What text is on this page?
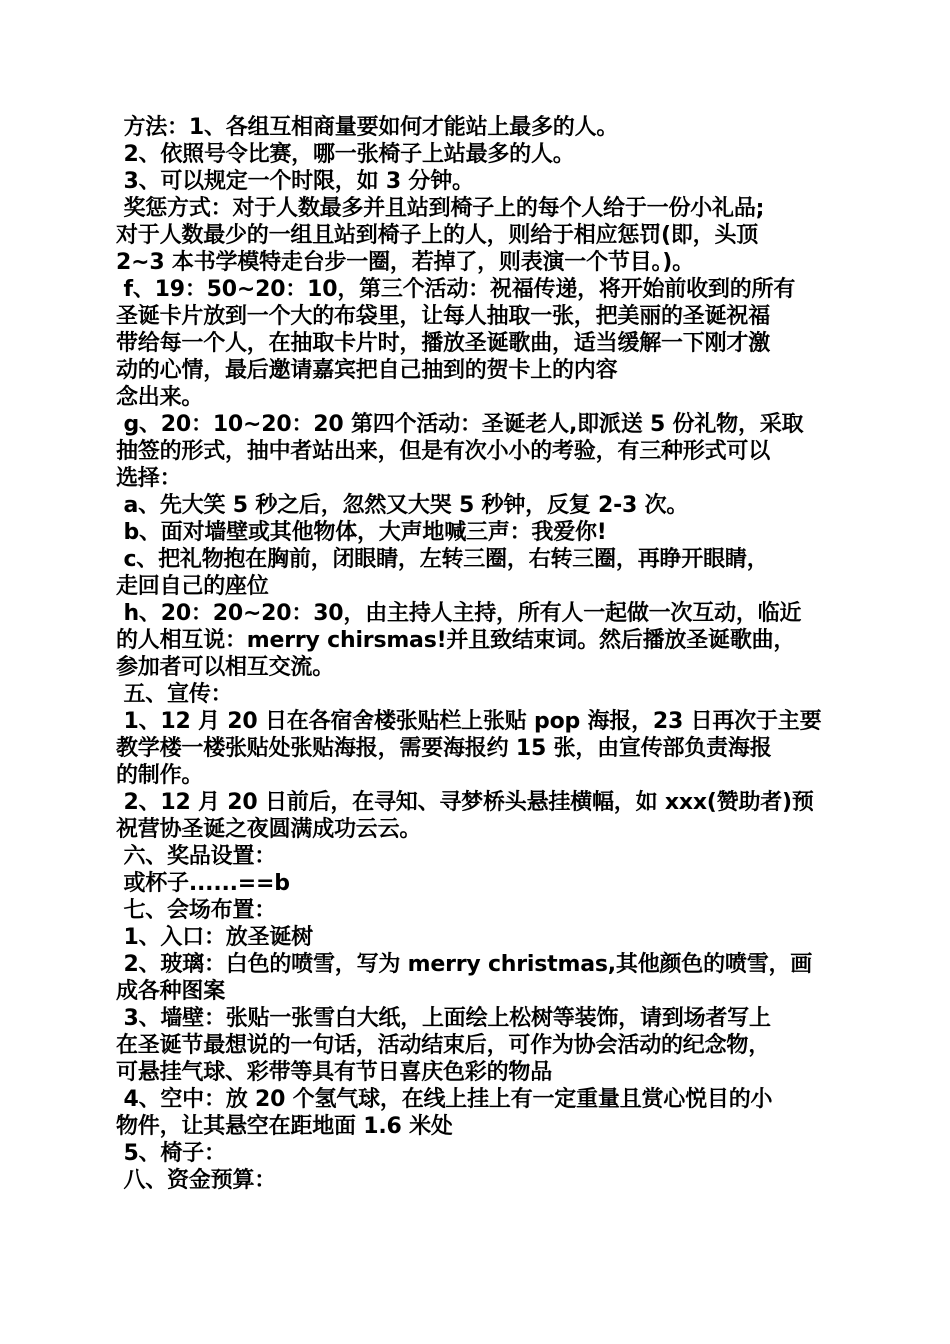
方法：1、各组互相商量要如何才能站上最多的人。

2、依照号令比赛，哪一张椅子上站最多的人。

3、可以规定一个时限，如 3 分钟。

奖惩方式：对于人数最多并且站到椅子上的每个人给于一份小礼品;

对于人数最少的一组且站到椅子上的人，则给于相应惩罚(即，头顶

2~3 本书学模特走台步一圈，若掉了，则表演一个节目。)。

f、19：50~20：10，第三个活动：祝福传递，将开始前收到的所有

圣诞卡片放到一个大的布袋里，让每人抽取一张，把美丽的圣诞祝福

带给每一个人，在抽取卡片时，播放圣诞歌曲，适当缓解一下刚才激

动的心情，最后邀请嘉宾把自己抽到的贺卡上的内容

念出来。

g、20：10~20：20 第四个活动：圣诞老人,即派送 5 份礼物，采取

抽签的形式，抽中者站出来，但是有次小小的考验，有三种形式可以

选择：

a、先大笑 5 秒之后，忽然又大哭 5 秒钟，反复 2-3 次。

b、面对墙壁或其他物体，大声地喊三声：我爱你!

c、把礼物抱在胸前，闭眼睛，左转三圈，右转三圈，再睁开眼睛，

走回自己的座位

h、20：20~20：30，由主持人主持，所有人一起做一次互动，临近

的人相互说：merry chirsmas!并且致结束词。然后播放圣诞歌曲，

参加者可以相互交流。

五、宣传：

1、12 月 20 日在各宿舍楼张贴栏上张贴 pop 海报，23 日再次于主要

教学楼一楼张贴处张贴海报，需要海报约 15 张，由宣传部负责海报

的制作。

2、12 月 20 日前后，在寻知、寻梦桥头悬挂横幅，如 xxx(赞助者)预

祝营协圣诞之夜圆满成功云云。

六、奖品设置：

或杯子......==b

七、会场布置：

1、入口：放圣诞树

2、玻璃：白色的喷雪，写为 merry christmas,其他颜色的喷雪，画

成各种图案

3、墙壁：张贴一张雪白大纸，上面绘上松树等装饰，请到场者写上

在圣诞节最想说的一句话，活动结束后，可作为协会活动的纪念物，

可悬挂气球、彩带等具有节日喜庆色彩的物品

4、空中：放 20 个氢气球，在线上挂上有一定重量且赏心悦目的小

物件，让其悬空在距地面 1.6 米处

5、椅子：

八、资金预算：
